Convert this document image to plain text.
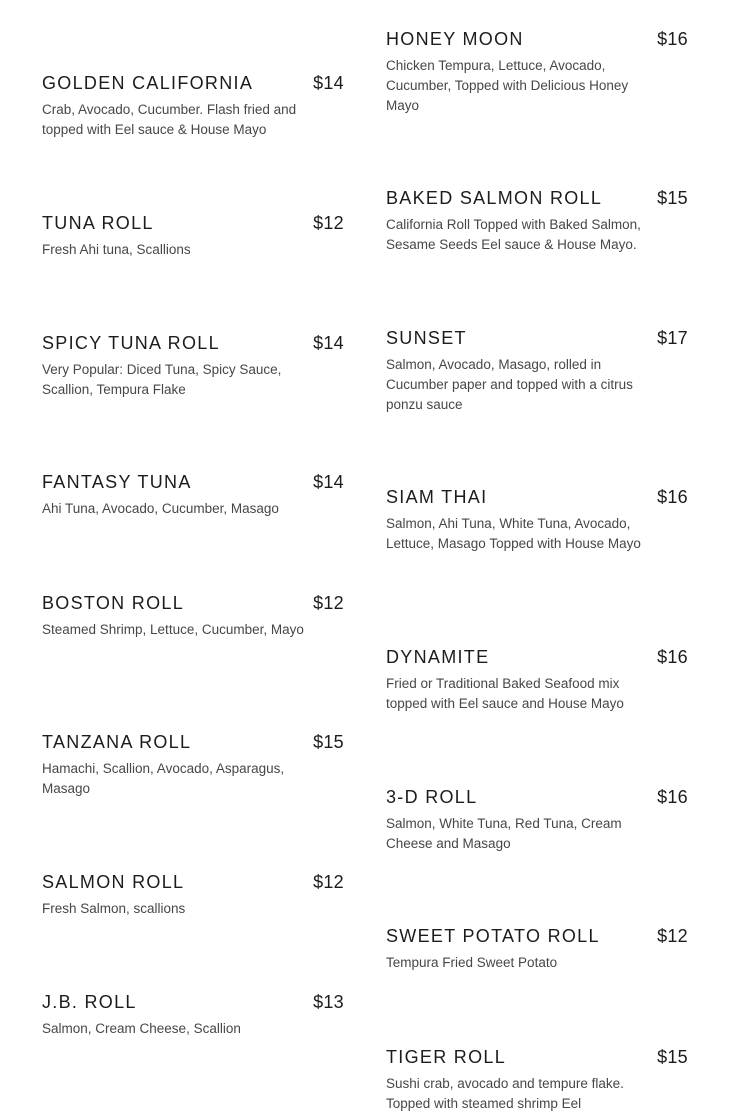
GOLDEN CALIFORNIA	$14
Crab, Avocado, Cucumber. Flash fried and topped with Eel sauce & House Mayo
TUNA ROLL	$12
Fresh Ahi tuna, Scallions
SPICY TUNA ROLL	$14
Very Popular: Diced Tuna, Spicy Sauce, Scallion, Tempura Flake
FANTASY TUNA	$14
Ahi Tuna, Avocado, Cucumber, Masago
BOSTON ROLL	$12
Steamed Shrimp, Lettuce, Cucumber, Mayo
TANZANA ROLL	$15
Hamachi, Scallion, Avocado, Asparagus, Masago
SALMON ROLL	$12
Fresh Salmon, scallions
J.B. ROLL	$13
Salmon, Cream Cheese, Scallion
HONEY MOON	$16
Chicken Tempura, Lettuce, Avocado, Cucumber, Topped with Delicious Honey Mayo
BAKED SALMON ROLL	$15
California Roll Topped with Baked Salmon, Sesame Seeds Eel sauce & House Mayo.
SUNSET	$17
Salmon, Avocado, Masago, rolled in Cucumber paper and topped with a citrus ponzu sauce
SIAM THAI	$16
Salmon, Ahi Tuna, White Tuna, Avocado, Lettuce, Masago Topped with House Mayo
DYNAMITE	$16
Fried or Traditional Baked Seafood mix topped with Eel sauce and House Mayo
3-D ROLL	$16
Salmon, White Tuna, Red Tuna, Cream Cheese and Masago
SWEET POTATO ROLL	$12
Tempura Fried Sweet Potato
TIGER ROLL	$15
Sushi crab, avocado and tempure flake. Topped with steamed shrimp Eel
